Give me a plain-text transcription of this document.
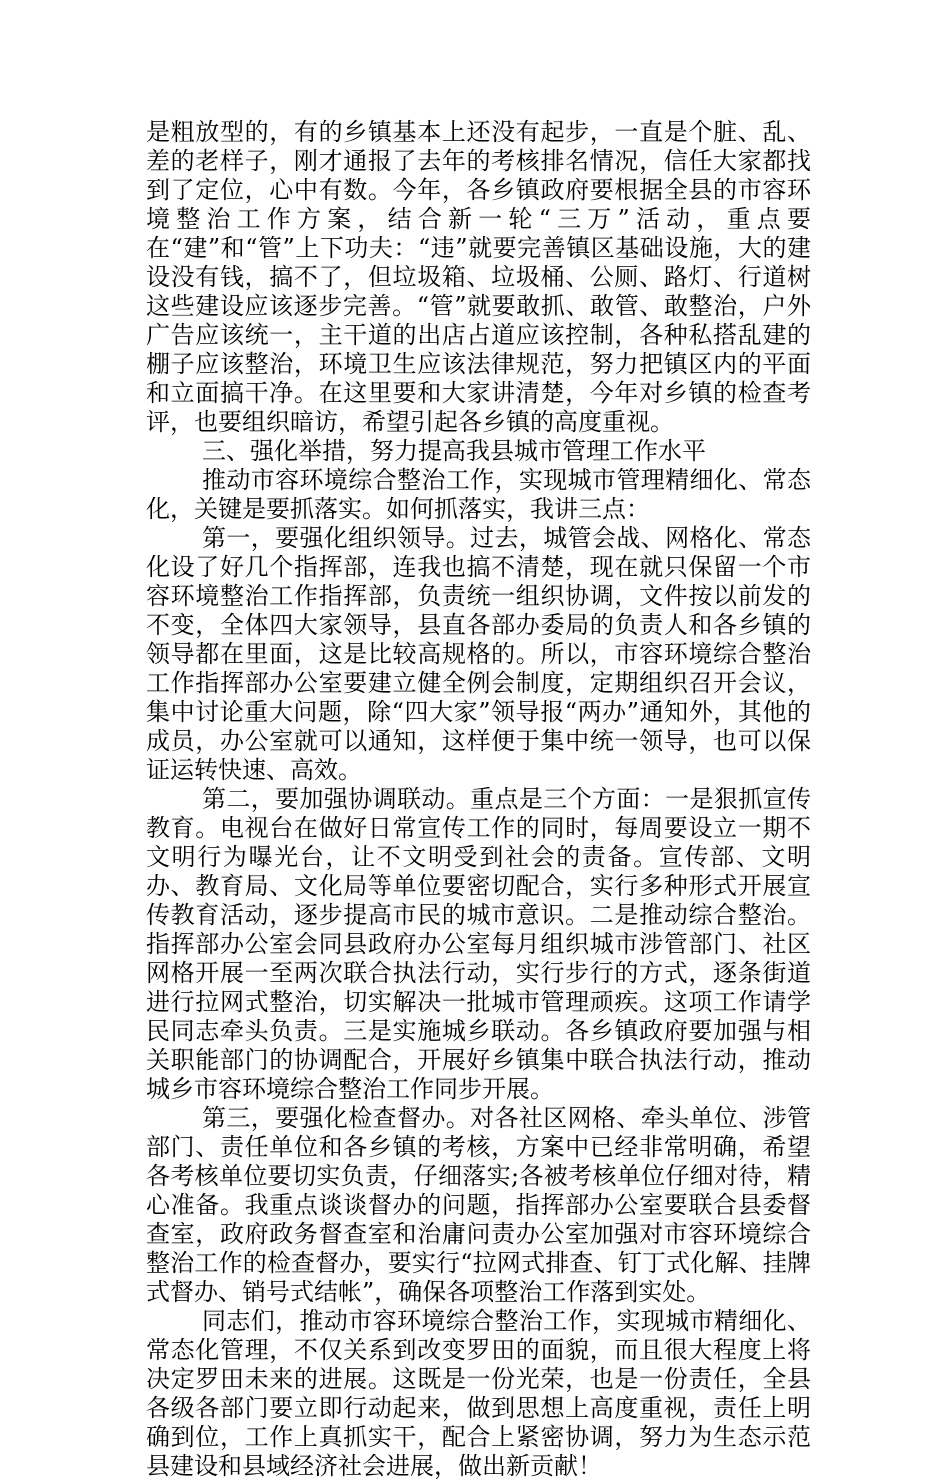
是粗放型的，有的乡镇基本上还没有起步，一直是个脏、乱、差的老样子，刚才通报了去年的考核排名情况，信任大家都找到了定位，心中有数。今年，各乡镇政府要根据全县的市容环境整治工作方案，结合新一轮“三万”活动，重点要在“建”和“管”上下功夫：“违”就要完善镇区基础设施，大的建设没有钱，搞不了，但垃圾箱、垃圾桶、公厕、路灯、行道树这些建设应该逐步完善。“管”就要敢抓、敢管、敢整治，户外广告应该统一，主干道的出店占道应该控制，各种私搭乱建的棚子应该整治，环境卫生应该法律规范，努力把镇区内的平面和立面搞干净。在这里要和大家讲清楚，今年对乡镇的检查考评，也要组织暗访，希望引起各乡镇的高度重视。

三、强化举措，努力提高我县城市管理工作水平

推动市容环境综合整治工作，实现城市管理精细化、常态化，关键是要抓落实。如何抓落实，我讲三点：

第一，要强化组织领导。过去，城管会战、网格化、常态化设了好几个指挥部，连我也搞不清楚，现在就只保留一个市容环境整治工作指挥部，负责统一组织协调，文件按以前发的不变，全体四大家领导，县直各部办委局的负责人和各乡镇的领导都在里面，这是比较高规格的。所以，市容环境综合整治工作指挥部办公室要建立健全例会制度，定期组织召开会议，集中讨论重大问题，除“四大家”领导报“两办”通知外，其他的成员，办公室就可以通知，这样便于集中统一领导，也可以保证运转快速、高效。

第二，要加强协调联动。重点是三个方面：一是狠抓宣传教育。电视台在做好日常宣传工作的同时，每周要设立一期不文明行为曝光台，让不文明受到社会的责备。宣传部、文明办、教育局、文化局等单位要密切配合，实行多种形式开展宣传教育活动，逐步提高市民的城市意识。二是推动综合整治。指挥部办公室会同县政府办公室每月组织城市涉管部门、社区网格开展一至两次联合执法行动，实行步行的方式，逐条街道进行拉网式整治，切实解决一批城市管理顽疾。这项工作请学民同志牵头负责。三是实施城乡联动。各乡镇政府要加强与相关职能部门的协调配合，开展好乡镇集中联合执法行动，推动城乡市容环境综合整治工作同步开展。

第三，要强化检查督办。对各社区网格、牵头单位、涉管部门、责任单位和各乡镇的考核，方案中已经非常明确，希望各考核单位要切实负责，仔细落实;各被考核单位仔细对待，精心准备。我重点谈谈督办的问题，指挥部办公室要联合县委督查室，政府政务督查室和治庸问责办公室加强对市容环境综合整治工作的检查督办，要实行“拉网式排查、钉丁式化解、挂牌式督办、销号式结帐”，确保各项整治工作落到实处。

同志们，推动市容环境综合整治工作，实现城市精细化、常态化管理，不仅关系到改变罗田的面貌，而且很大程度上将决定罗田未来的进展。这既是一份光荣，也是一份责任，全县各级各部门要立即行动起来，做到思想上高度重视，责任上明确到位，工作上真抓实干，配合上紧密协调，努力为生态示范县建设和县域经济社会进展，做出新贡献！
